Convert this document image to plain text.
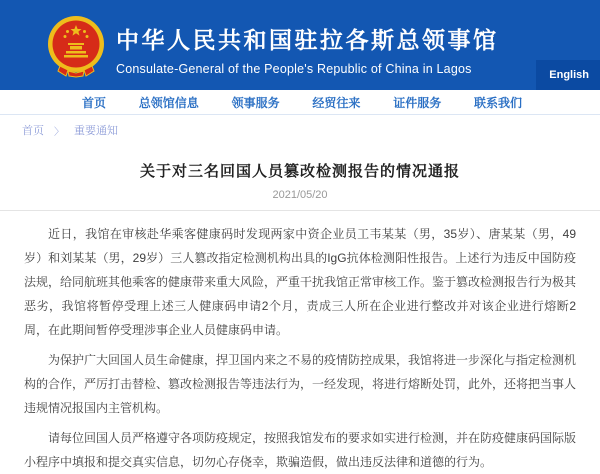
中华人民共和国驻拉各斯总领事馆
Consulate-General of the People's Republic of China in Lagos	English
首页	总领馆信息	领事服务	经贸往来	证件服务	联系我们
首页 〉 重要通知
关于对三名回国人员篡改检测报告的情况通报
2021/05/20

近日，我馆在审核赴华乘客健康码时发现两家中资企业员工韦某某（男，35岁）、唐某某（男，49岁）和刘某某（男，29岁）三人篡改指定检测机构出具的IgG抗体检测阳性报告。上述行为违反中国防疫法规，给同航班其他乘客的健康带来重大风险，严重干扰我馆正常审核工作。鉴于篡改检测报告行为极其恶劣，我馆将暂停受理上述三人健康码申请2个月，责成三人所在企业进行整改并对该企业进行熔断2周，在此期间暂停受理涉事企业人员健康码申请。

为保护广大回国人员生命健康，捍卫国内来之不易的疫情防控成果，我馆将进一步深化与指定检测机构的合作，严厉打击替检、篡改检测报告等违法行为，一经发现，将进行熔断处罚，此外，还将把当事人违规情况报国内主管机构。

请每位回国人员严格遵守各项防疫规定，按照我馆发布的要求如实进行检测，并在防疫健康码国际版小程序中填报和提交真实信息，切勿心存侥幸，欺骗造假，做出违反法律和道德的行为。
